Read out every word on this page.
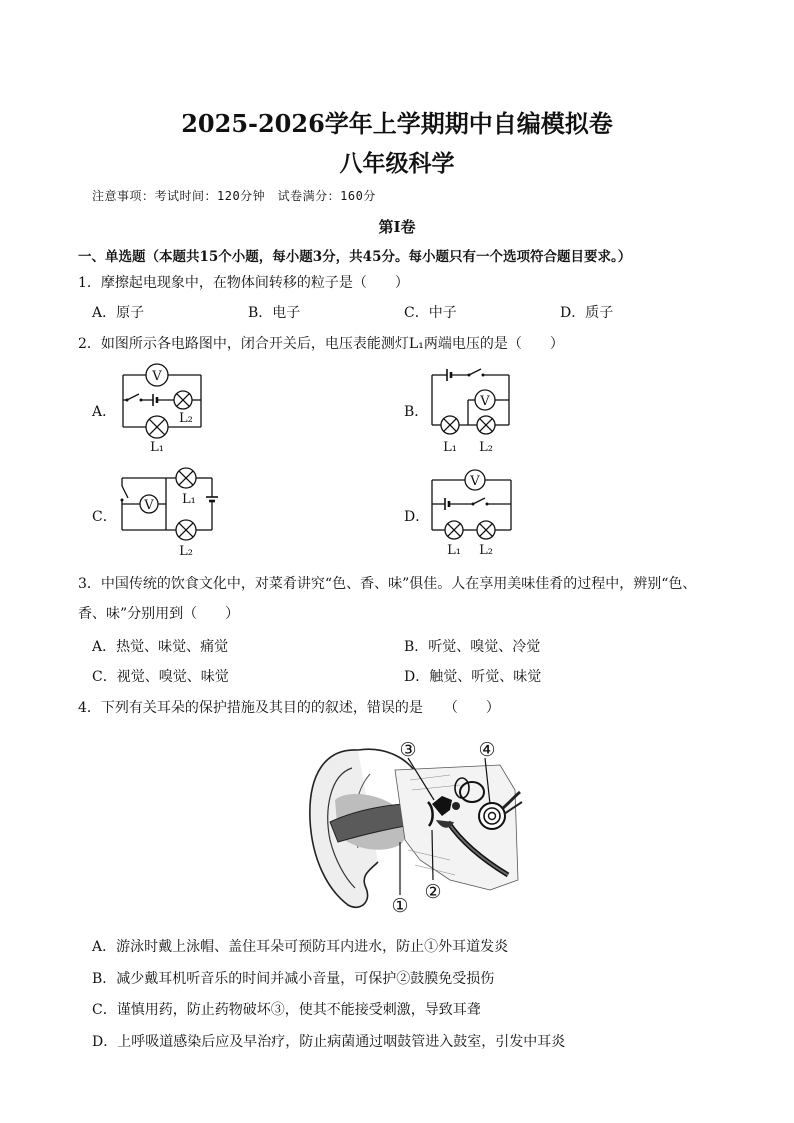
2025-2026学年上学期期中自编模拟卷
八年级科学
注意事项：考试时间：120分钟　试卷满分：160分
第Ⅰ卷
一、单选题（本题共15个小题，每小题3分，共45分。每小题只有一个选项符合题目要求。）
1．摩擦起电现象中，在物体间转移的粒子是（　　）
A．原子	B．电子	C．中子	D．质子
2．如图所示各电路图中，闭合开关后，电压表能测灯L₁两端电压的是（　　）
A．
V
L₂
L₁
B．
V
L₁ L₂
C．
V L₁
L₂
D．
V
L₁ L₂
3．中国传统的饮食文化中，对菜肴讲究“色、香、味”俱佳。人在享用美味佳肴的过程中，辨别“色、
香、味”分别用到（　　）
A．热觉、味觉、痛觉	B．听觉、嗅觉、冷觉
C．视觉、嗅觉、味觉	D．触觉、听觉、味觉
4．下列有关耳朵的保护措施及其目的的叙述，错误的是　　（　　）
③	④
②
①
A．游泳时戴上泳帽、盖住耳朵可预防耳内进水，防止①外耳道发炎
B．减少戴耳机听音乐的时间并减小音量，可保护②鼓膜免受损伤
C．谨慎用药，防止药物破坏③，使其不能接受刺激，导致耳聋
D．上呼吸道感染后应及早治疗，防止病菌通过咽鼓管进入鼓室，引发中耳炎
